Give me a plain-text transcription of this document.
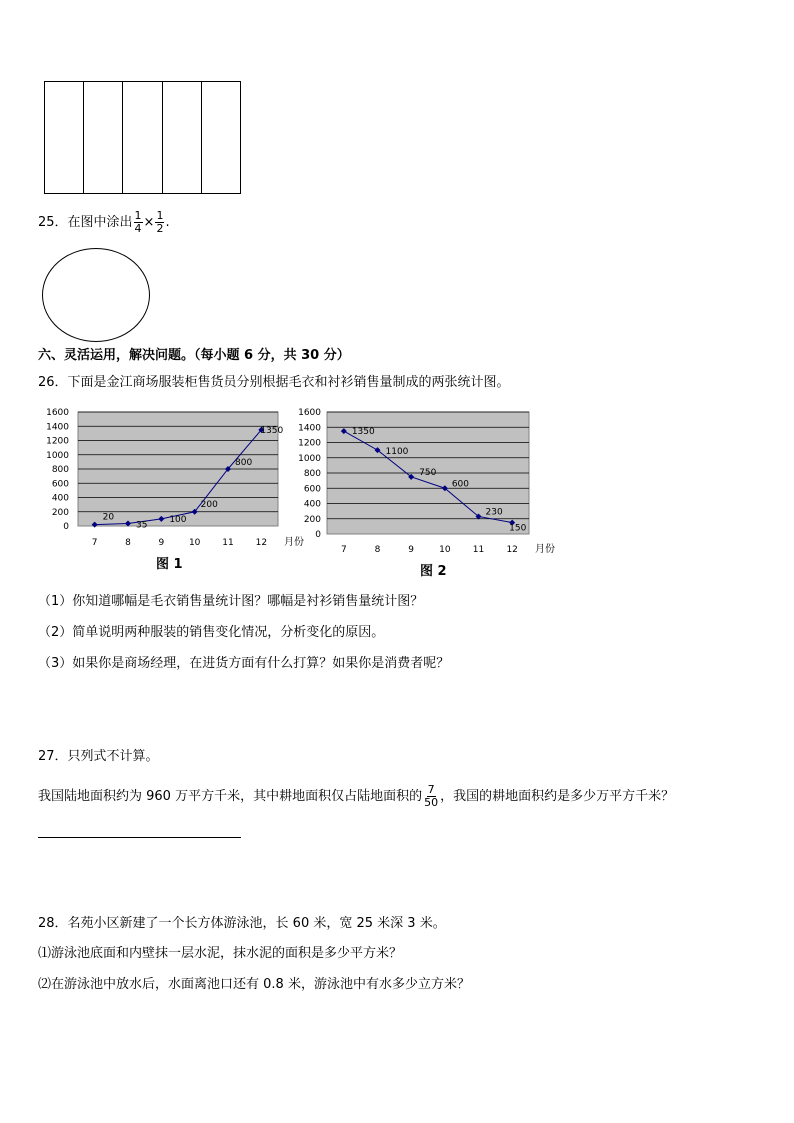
25．在图中涂出 $\frac{1}{4} \times \frac{1}{2}$ .
六、灵活运用，解决问题。（每小题 6 分，共 30 分）
26．下面是金江商场服装柜售货员分别根据毛衣和衬衫销售量制成的两张统计图。
0
200
400
600
800
1000
1200
1400
1600
7	8	9	10 11 12 月份
20
35
100
200
800
1350
0
200
400
600
800
1000
1200
1400
1600
7	8	9	10 11 12 月份
1350
1100
750
600
230
150
图 1	图 2
（1）你知道哪幅是毛衣销售量统计图？哪幅是衬衫销售量统计图？
（2）简单说明两种服装的销售变化情况，分析变化的原因。
（3）如果你是商场经理，在进货方面有什么打算？如果你是消费者呢？
27．只列式不计算。
我国陆地面积约为 960 万平方千米，其中耕地面积仅占陆地面积的 $\frac{7}{50}$ ，我国的耕地面积约是多少万平方千米？
28．名苑小区新建了一个长方体游泳池，长 60 米，宽 25 米深 3 米。
⑴游泳池底面和内壁抹一层水泥，抹水泥的面积是多少平方米？
⑵在游泳池中放水后，水面离池口还有 0.8 米，游泳池中有水多少立方米？
